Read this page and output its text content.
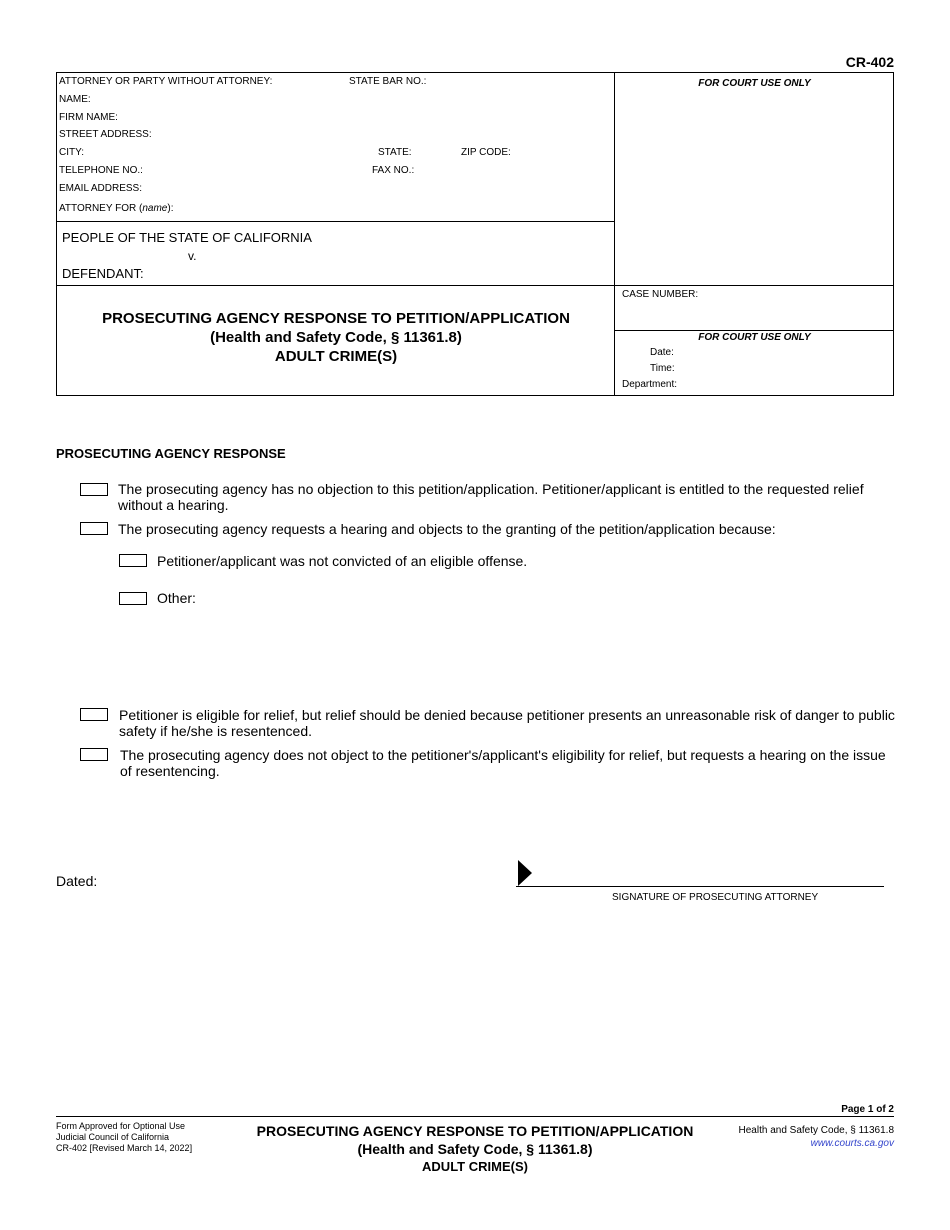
CR-402
ATTORNEY OR PARTY WITHOUT ATTORNEY:	STATE BAR NO.:
NAME:
FIRM NAME:
STREET ADDRESS:
CITY:	STATE:	ZIP CODE:
TELEPHONE NO.:	FAX NO.:
EMAIL ADDRESS:
ATTORNEY FOR (name):
PEOPLE OF THE STATE OF CALIFORNIA
v.
DEFENDANT:
PROSECUTING AGENCY RESPONSE TO PETITION/APPLICATION
(Health and Safety Code, § 11361.8)
ADULT CRIME(S)
FOR COURT USE ONLY
CASE NUMBER:
FOR COURT USE ONLY
Date:
Time:
Department:
PROSECUTING AGENCY RESPONSE
The prosecuting agency has no objection to this petition/application. Petitioner/applicant is entitled to the requested relief without a hearing.
The prosecuting agency requests a hearing and objects to the granting of the petition/application because:
Petitioner/applicant was not convicted of an eligible offense.
Other:
Petitioner is eligible for relief, but relief should be denied because petitioner presents an unreasonable risk of danger to public safety if he/she is resentenced.
The prosecuting agency does not object to the petitioner's/applicant's eligibility for relief, but requests a hearing on the issue of resentencing.
Dated:
SIGNATURE OF PROSECUTING ATTORNEY
Page 1 of 2
Form Approved for Optional Use
Judicial Council of California
CR-402 [Revised March 14, 2022]
PROSECUTING AGENCY RESPONSE TO PETITION/APPLICATION
(Health and Safety Code, § 11361.8)
ADULT CRIME(S)
Health and Safety Code, § 11361.8
www.courts.ca.gov
